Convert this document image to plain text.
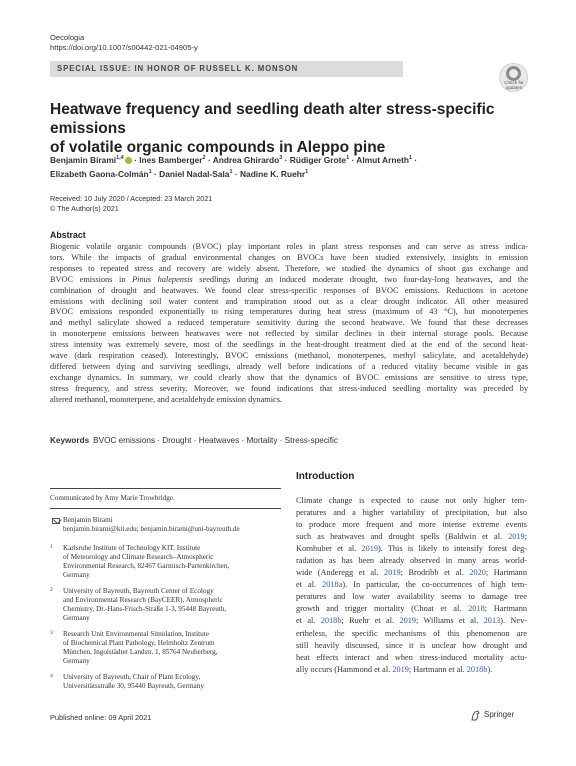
Oecologia
https://doi.org/10.1007/s00442-021-04905-y
SPECIAL ISSUE: IN HONOR OF RUSSELL K. MONSON
Check for updates
Heatwave frequency and seedling death alter stress-specific emissions
of volatile organic compounds in Aleppo pine
Benjamin Birami$^{1,4}$ · Ines Bamberger$^2$ · Andrea Ghirardo$^3$ · Rüdiger Grote$^1$ · Almut Arneth$^1$ ·
Elizabeth Gaona-Colmán$^1$ · Daniel Nadal-Sala$^1$ · Nadine K. Ruehr$^1$
Received: 10 July 2020 / Accepted: 23 March 2021
© The Author(s) 2021
Abstract
Biogenic volatile organic compounds (BVOC) play important roles in plant stress responses and can serve as stress indica-
tors. While the impacts of gradual environmental changes on BVOCs have been studied extensively, insights in emission
responses to repeated stress and recovery are widely absent. Therefore, we studied the dynamics of shoot gas exchange and
BVOC emissions in Pinus halepensis seedlings during an induced moderate drought, two four-day-long heatwaves, and the
combination of drought and heatwaves. We found clear stress-specific responses of BVOC emissions. Reductions in acetone
emissions with declining soil water content and transpiration stood out as a clear drought indicator. All other measured
BVOC emissions responded exponentially to rising temperatures during heat stress (maximum of 43 °C), but monoterpenes
and methyl salicylate showed a reduced temperature sensitivity during the second heatwave. We found that these decreases
in monoterpene emissions between heatwaves were not reflected by similar declines in their internal storage pools. Because
stress intensity was extremely severe, most of the seedlings in the heat-drought treatment died at the end of the second heat-
wave (dark respiration ceased). Interestingly, BVOC emissions (methanol, monoterpenes, methyl salicylate, and acetaldehyde)
differed between dying and surviving seedlings, already well before indications of a reduced vitality became visible in gas
exchange dynamics. In summary, we could clearly show that the dynamics of BVOC emissions are sensitive to stress type,
stress frequency, and stress severity. Moreover, we found indications that stress-induced seedling mortality was preceded by
altered methanol, monoterpene, and acetaldehyde emission dynamics.
Keywords BVOC emissions · Drought · Heatwaves · Mortality · Stress-specific
Introduction
Climate change is expected to cause not only higher tem-
peratures and a higher variability of precipitation, but also
to produce more frequent and more intense extreme events
such as heatwaves and drought spells (Baldwin et al. 2019;
Kornhuber et al. 2019). This is likely to intensify forest deg-
radation as has been already observed in many areas world-
wide (Anderegg et al. 2019; Brodribb et al. 2020; Hartmann
et al. 2018a). In particular, the co-occurrences of high tem-
peratures and low water availability seems to damage tree
growth and trigger mortality (Choat et al. 2018; Hartmann
et al. 2018b; Ruehr et al. 2019; Williams et al. 2013). Nev-
ertheless, the specific mechanisms of this phenomenon are
still heavily discussed, since it is unclear how drought and
heat effects interact and when stress-induced mortality actu-
ally occurs (Hammond et al. 2019; Hartmann et al. 2018b).
Communicated by Amy Marie Trowbridge.
Benjamin Birami
benjamin.birami@kit.edu; benjamin.birami@uni-bayreuth.de
1 Karlsruhe Institute of Technology KIT, Institute
of Meteorology and Climate Research–Atmospheric
Environmental Research, 82467 Garmisch-Partenkirchen,
Germany
2 University of Bayreuth, Bayreuth Center of Ecology
and Environmental Research (BayCEER), Atmospheric
Chemistry, Dr.-Hans-Frisch-Straße 1-3, 95448 Bayreuth,
Germany
3 Research Unit Environmental Simulation, Institute
of Biochemical Plant Pathology, Helmholtz Zentrum
München, Ingolstädter Landstr. 1, 85764 Neuherberg,
Germany
4 University of Bayreuth, Chair of Plant Ecology,
Universitätsstraße 30, 95440 Bayreuth, Germany
Published online: 09 April 2021	Springer
